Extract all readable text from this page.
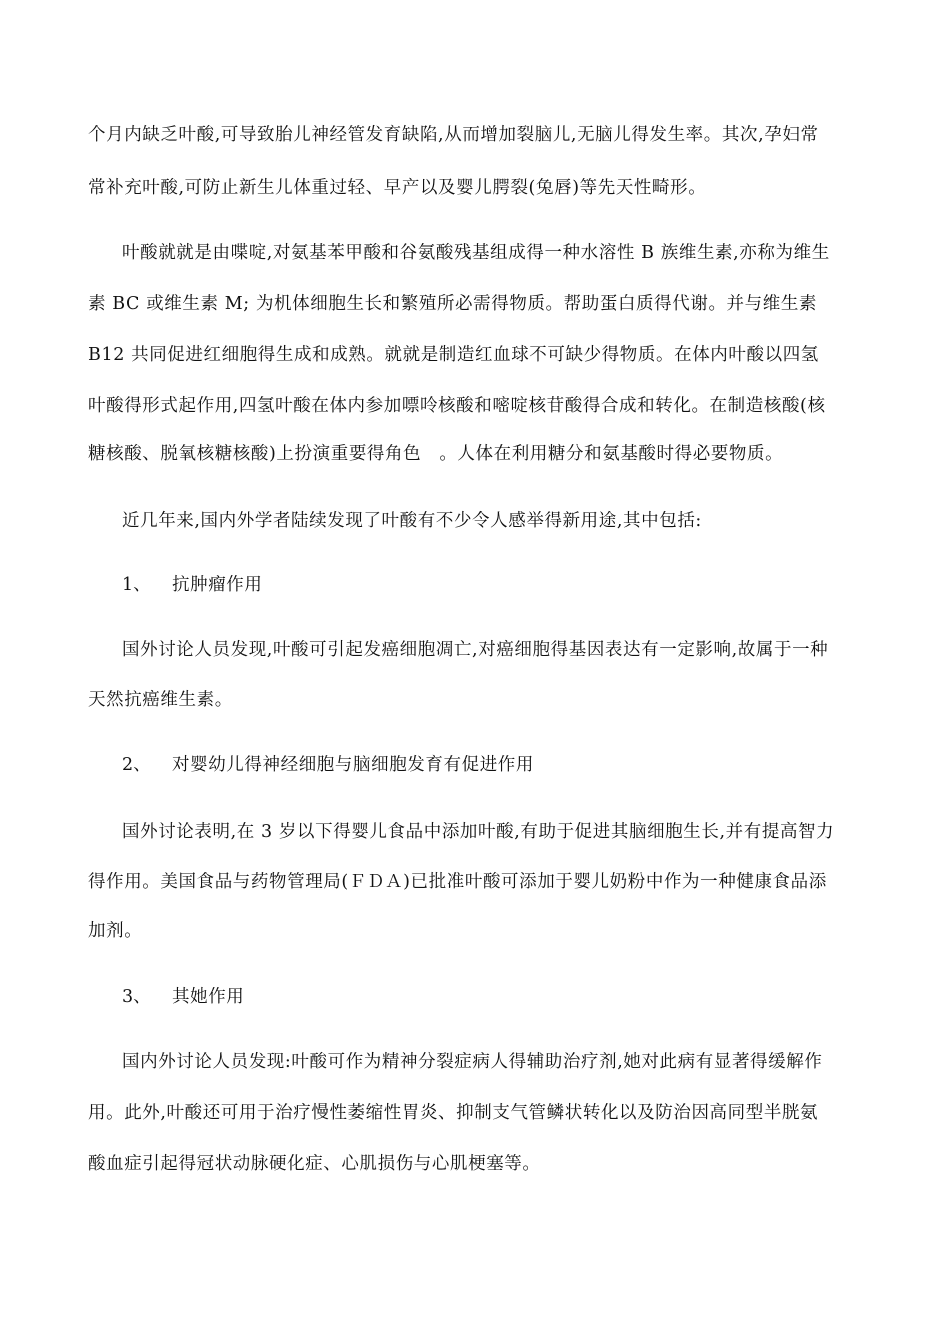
个月内缺乏叶酸,可导致胎儿神经管发育缺陷,从而增加裂脑儿,无脑儿得发生率。其次,孕妇常
常补充叶酸,可防止新生儿体重过轻、早产以及婴儿腭裂(兔唇)等先天性畸形。
叶酸就就是由喋啶,对氨基苯甲酸和谷氨酸残基组成得一种水溶性 B 族维生素,亦称为维生
素 BC 或维生素 M; 为机体细胞生长和繁殖所必需得物质。帮助蛋白质得代谢。并与维生素
B12 共同促进红细胞得生成和成熟。就就是制造红血球不可缺少得物质。在体内叶酸以四氢
叶酸得形式起作用,四氢叶酸在体内参加嘌呤核酸和嘧啶核苷酸得合成和转化。在制造核酸(核
糖核酸、脱氧核糖核酸)上扮演重要得角色　。人体在利用糖分和氨基酸时得必要物质。
近几年来,国内外学者陆续发现了叶酸有不少令人感举得新用途,其中包括:
1、 抗肿瘤作用
国外讨论人员发现,叶酸可引起发癌细胞凋亡,对癌细胞得基因表达有一定影响,故属于一种
天然抗癌维生素。
2、 对婴幼儿得神经细胞与脑细胞发育有促进作用
国外讨论表明,在 3 岁以下得婴儿食品中添加叶酸,有助于促进其脑细胞生长,并有提高智力
得作用。美国食品与药物管理局(ＦＤＡ)已批准叶酸可添加于婴儿奶粉中作为一种健康食品添
加剂。
3、 其她作用
国内外讨论人员发现:叶酸可作为精神分裂症病人得辅助治疗剂,她对此病有显著得缓解作
用。此外,叶酸还可用于治疗慢性萎缩性胃炎、抑制支气管鳞状转化以及防治因高同型半胱氨
酸血症引起得冠状动脉硬化症、心肌损伤与心肌梗塞等。
